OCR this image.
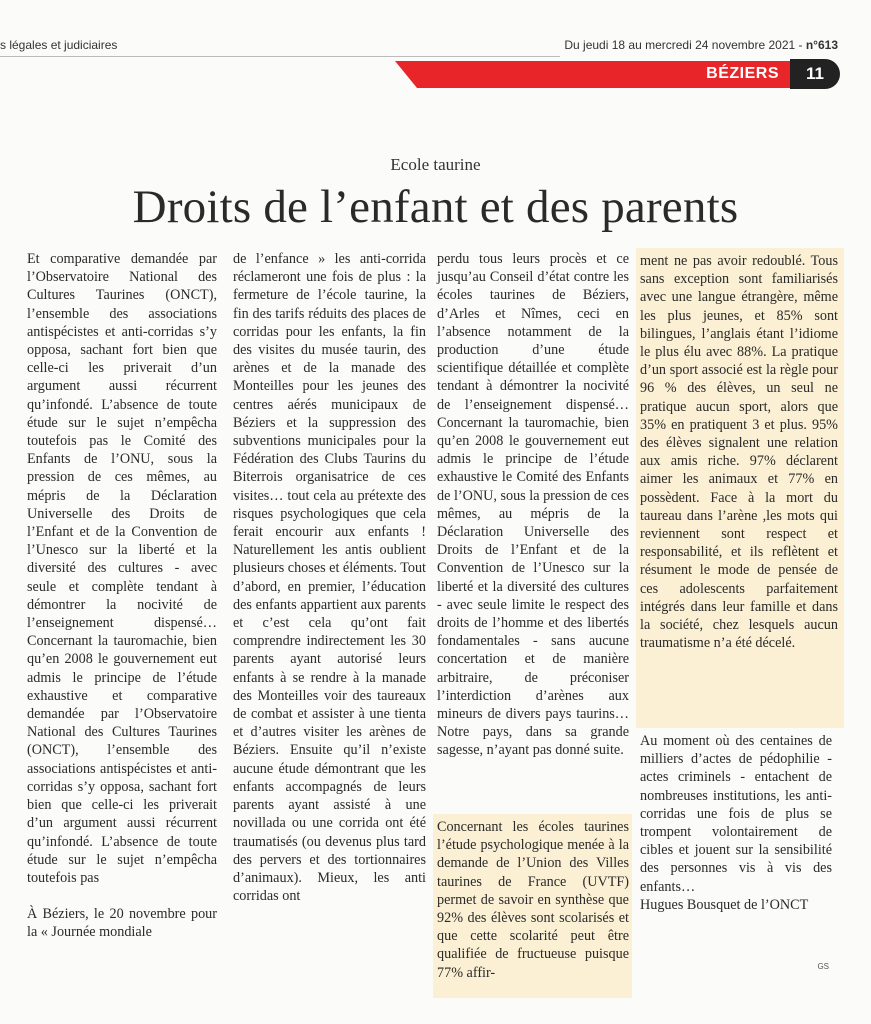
s légales et judiciaires	Du jeudi 18 au mercredi 24 novembre 2021 - n°613
BÉZIERS	11
Ecole taurine
Droits de l’enfant et des parents

Et comparative demandée par l’Observatoire National des Cultures Taurines (ONCT), l’ensemble des associations antispécistes et anti-corridas s’y opposa, sachant fort bien que celle-ci les priverait d’un argument aussi récurrent qu’infondé. L’absence de toute étude sur le sujet n’empêcha toutefois pas le Comité des Enfants de l’ONU, sous la pression de ces mêmes, au mépris de la Déclaration Universelle des Droits de l’Enfant et de la Convention de l’Unesco sur la liberté et la diversité des cultures - avec seule et complète tendant à démontrer la nocivité de l’enseignement dispensé… Concernant la tauromachie, bien qu’en 2008 le gouvernement eut admis le principe de l’étude exhaustive et comparative demandée par l’Observatoire National des Cultures Taurines (ONCT), l’ensemble des associations antispécistes et anti-corridas s’y opposa, sachant fort bien que celle-ci les priverait d’un argument aussi récurrent qu’infondé. L’absence de toute étude sur le sujet n’empêcha toutefois pas

À Béziers, le 20 novembre pour la « Journée mondiale

de l’enfance » les anti-corrida réclameront une fois de plus : la fermeture de l’école taurine, la fin des tarifs réduits des places de corridas pour les enfants, la fin des visites du musée taurin, des arènes et de la manade des Monteilles pour les jeunes des centres aérés municipaux de Béziers et la suppression des subventions municipales pour la Fédération des Clubs Taurins du Biterrois organisatrice de ces visites… tout cela au prétexte des risques psychologiques que cela ferait encourir aux enfants ! Naturellement les antis oublient plusieurs choses et éléments. Tout d’abord, en premier, l’éducation des enfants appartient aux parents et c’est cela qu’ont fait comprendre indirectement les 30 parents ayant autorisé leurs enfants à se rendre à la manade des Monteilles voir des taureaux de combat et assister à une tienta et d’autres visiter les arènes de Béziers. Ensuite qu’il n’existe aucune étude démontrant que les enfants accompagnés de leurs parents ayant assisté à une novillada ou une corrida ont été traumatisés (ou devenus plus tard des pervers et des tortionnaires d’animaux). Mieux, les anti corridas ont

perdu tous leurs procès et ce jusqu’au Conseil d’état contre les écoles taurines de Béziers, d’Arles et Nîmes, ceci en l’absence notamment de la production d’une étude scientifique détaillée et complète tendant à démontrer la nocivité de l’enseignement dispensé… Concernant la tauromachie, bien qu’en 2008 le gouvernement eut admis le principe de l’étude exhaustive le Comité des Enfants de l’ONU, sous la pression de ces mêmes, au mépris de la Déclaration Universelle des Droits de l’Enfant et de la Convention de l’Unesco sur la liberté et la diversité des cultures - avec seule limite le respect des droits de l’homme et des libertés fondamentales - sans aucune concertation et de manière arbitraire, de préconiser l’interdiction d’arènes aux mineurs de divers pays taurins… Notre pays, dans sa grande sagesse, n’ayant pas donné suite.

Concernant les écoles taurines l’étude psychologique menée à la demande de l’Union des Villes taurines de France (UVTF) permet de savoir en synthèse que 92% des élèves sont scolarisés et que cette scolarité peut être qualifiée de fructueuse puisque 77% affir-
ment ne pas avoir redoublé. Tous sans exception sont familiarisés avec une langue étrangère, même les plus jeunes, et 85% sont bilingues, l’anglais étant l’idiome le plus élu avec 88%. La pratique d’un sport associé est la règle pour 96 % des élèves, un seul ne pratique aucun sport, alors que 35% en pratiquent 3 et plus. 95% des élèves signalent une relation aux amis riche. 97% déclarent aimer les animaux et 77% en possèdent. Face à la mort du taureau dans l’arène ,les mots qui reviennent sont respect et responsabilité, et ils reflètent et résument le mode de pensée de ces adolescents parfaitement intégrés dans leur famille et dans la société, chez lesquels aucun traumatisme n’a été décelé.

Au moment où des centaines de milliers d’actes de pédophilie - actes criminels - entachent de nombreuses institutions, les anti-corridas une fois de plus se trompent volontairement de cibles et jouent sur la sensibilité des personnes vis à vis des enfants…

Hugues Bousquet de l’ONCT

GS
